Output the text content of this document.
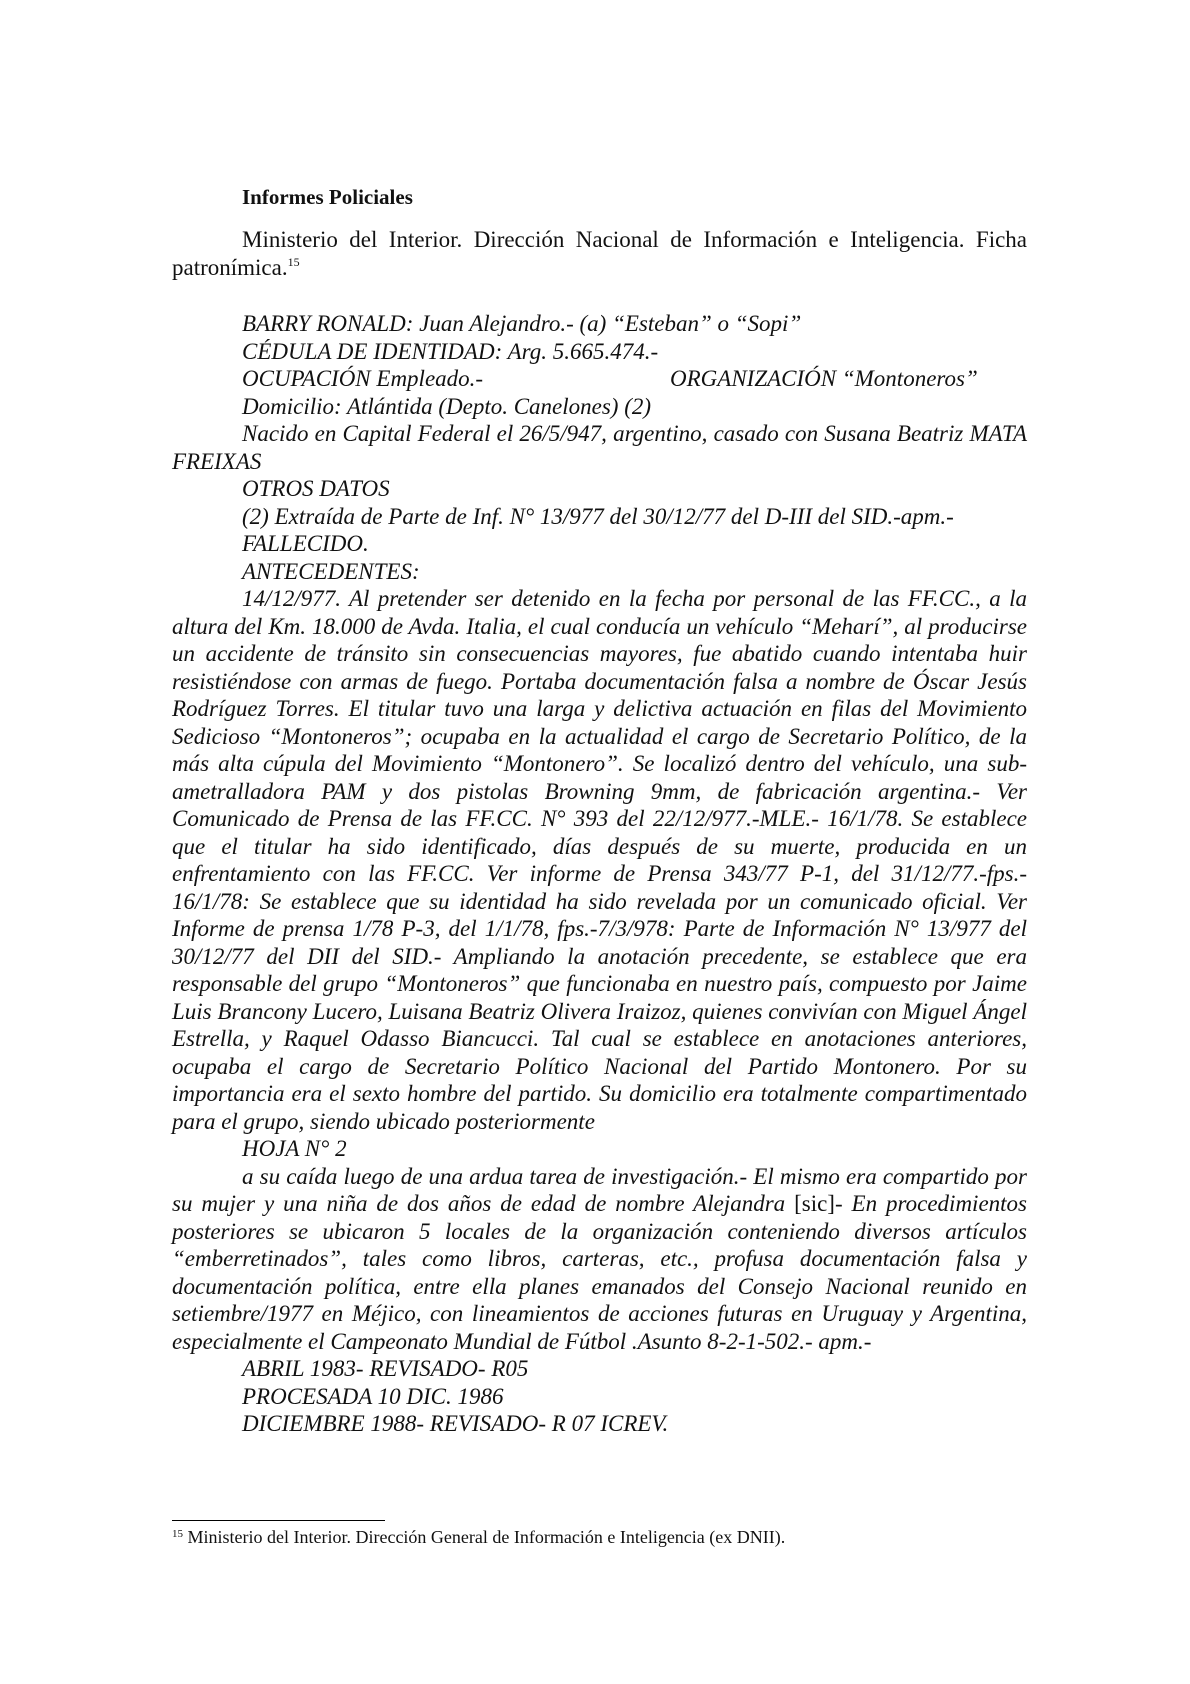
Informes Policiales
Ministerio del Interior. Dirección Nacional de Información e Inteligencia. Ficha patronímica.$^{15}$
BARRY RONALD: Juan Alejandro.- (a) “Esteban” o “Sopi”
CÉDULA DE IDENTIDAD: Arg. 5.665.474.-
OCUPACIÓN Empleado.-	ORGANIZACIÓN “Montoneros”
Domicilio: Atlántida (Depto. Canelones) (2)
Nacido en Capital Federal el 26/5/947, argentino, casado con Susana Beatriz MATA FREIXAS
OTROS DATOS
(2) Extraída de Parte de Inf. N° 13/977 del 30/12/77 del D-III del SID.-apm.-
FALLECIDO.
ANTECEDENTES:
14/12/977. Al pretender ser detenido en la fecha por personal de las FF.CC., a la altura del Km. 18.000 de Avda. Italia, el cual conducía un vehículo “Meharí”, al producirse un accidente de tránsito sin consecuencias mayores, fue abatido cuando intentaba huir resistiéndose con armas de fuego. Portaba documentación falsa a nombre de Óscar Jesús Rodríguez Torres. El titular tuvo una larga y delictiva actuación en filas del Movimiento Sedicioso “Montoneros”; ocupaba en la actualidad el cargo de Secretario Político, de la más alta cúpula del Movimiento “Montonero”. Se localizó dentro del vehículo, una sub-ametralladora PAM y dos pistolas Browning 9mm, de fabricación argentina.- Ver Comunicado de Prensa de las FF.CC. N° 393 del 22/12/977.-MLE.- 16/1/78. Se establece que el titular ha sido identificado, días después de su muerte, producida en un enfrentamiento con las FF.CC. Ver informe de Prensa 343/77 P-1, del 31/12/77.-fps.- 16/1/78: Se establece que su identidad ha sido revelada por un comunicado oficial. Ver Informe de prensa 1/78 P-3, del 1/1/78, fps.-7/3/978: Parte de Información N° 13/977 del 30/12/77 del DII del SID.- Ampliando la anotación precedente, se establece que era responsable del grupo “Montoneros” que funcionaba en nuestro país, compuesto por Jaime Luis Brancony Lucero, Luisana Beatriz Olivera Iraizoz, quienes convivían con Miguel Ángel Estrella, y Raquel Odasso Biancucci. Tal cual se establece en anotaciones anteriores, ocupaba el cargo de Secretario Político Nacional del Partido Montonero. Por su importancia era el sexto hombre del partido. Su domicilio era totalmente compartimentado para el grupo, siendo ubicado posteriormente
HOJA N° 2
a su caída luego de una ardua tarea de investigación.- El mismo era compartido por su mujer y una niña de dos años de edad de nombre Alejandra [sic]- En procedimientos posteriores se ubicaron 5 locales de la organización conteniendo diversos artículos “emberretinados”, tales como libros, carteras, etc., profusa documentación falsa y documentación política, entre ella planes emanados del Consejo Nacional reunido en setiembre/1977 en Méjico, con lineamientos de acciones futuras en Uruguay y Argentina, especialmente el Campeonato Mundial de Fútbol .Asunto 8-2-1-502.- apm.-
ABRIL 1983- REVISADO- R05
PROCESADA 10 DIC. 1986
DICIEMBRE 1988- REVISADO- R 07 ICREV.
$^{15}$ Ministerio del Interior. Dirección General de Información e Inteligencia (ex DNII).
